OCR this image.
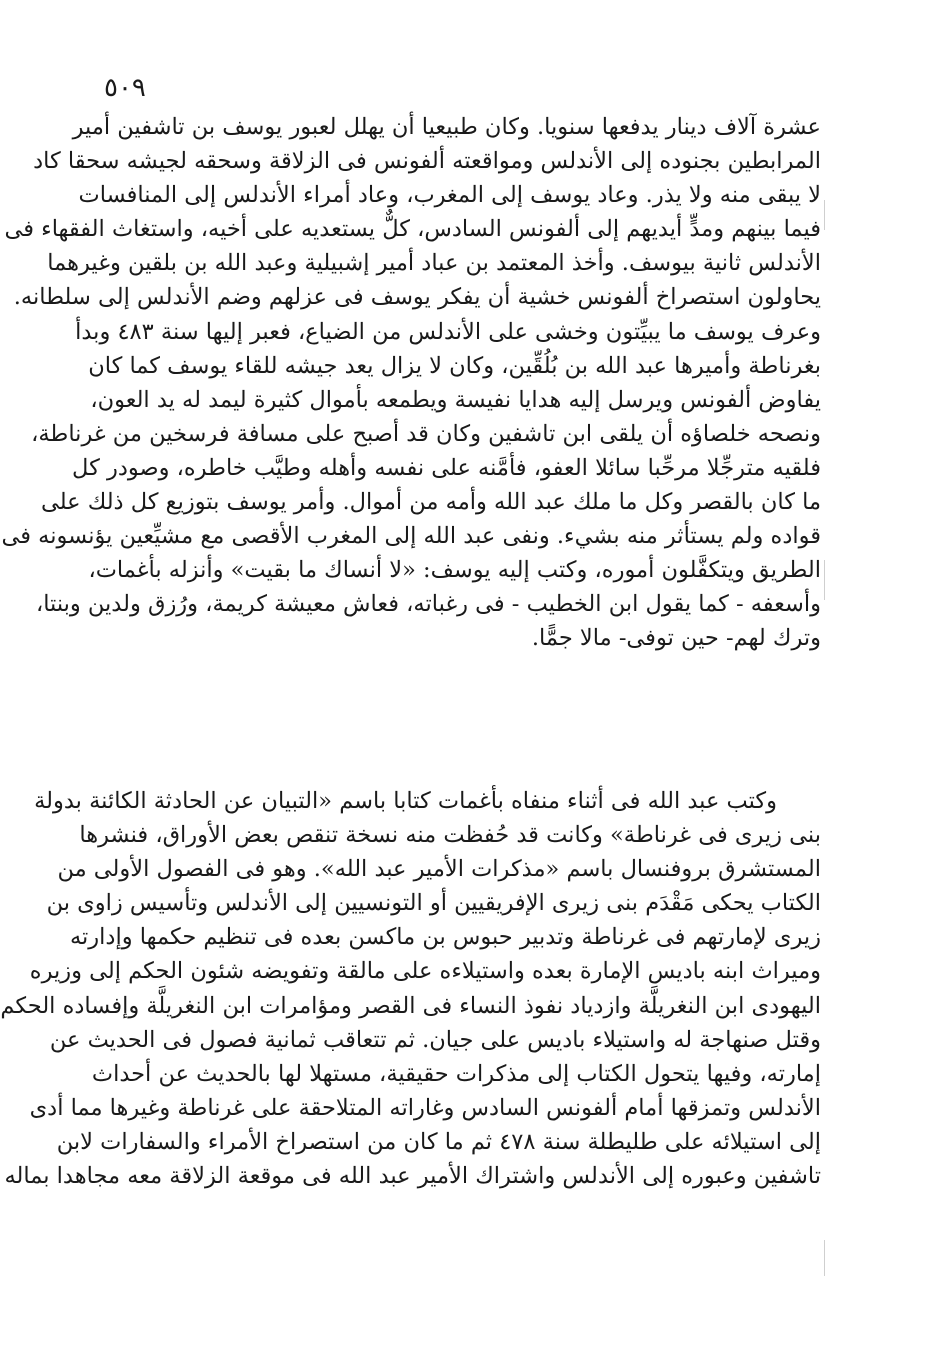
٥٠٩
عشرة آلاف دينار يدفعها سنويا. وكان طبيعيا أن يهلل لعبور يوسف بن تاشفين أمير
المرابطين بجنوده إلى الأندلس ومواقعته ألفونس فى الزلاقة وسحقه لجيشه سحقا كاد
لا يبقى منه ولا يذر. وعاد يوسف إلى المغرب، وعاد أمراء الأندلس إلى المنافسات
فيما بينهم ومدٍّ أيديهم إلى ألفونس السادس، كلٌّ يستعديه على أخيه، واستغاث الفقهاء فى
الأندلس ثانية بيوسف. وأخذ المعتمد بن عباد أمير إشبيلية وعبد الله بن بلقين وغيرهما
يحاولون استصراخ ألفونس خشية أن يفكر يوسف فى عزلهم وضم الأندلس إلى سلطانه.
وعرف يوسف ما يبيِّتون وخشى على الأندلس من الضياع، فعبر إليها سنة ٤٨٣ وبدأ
بغرناطة وأميرها عبد الله بن بُلُقِّين، وكان لا يزال يعد جيشه للقاء يوسف كما كان
يفاوض ألفونس ويرسل إليه هدايا نفيسة ويطمعه بأموال كثيرة ليمد له يد العون،
ونصحه خلصاؤه أن يلقى ابن تاشفين وكان قد أصبح على مسافة فرسخين من غرناطة،
فلقيه مترجِّلا مرحِّبا سائلا العفو، فأمَّنه على نفسه وأهله وطيَّب خاطره، وصودر كل
ما كان بالقصر وكل ما ملك عبد الله وأمه من أموال. وأمر يوسف بتوزيع كل ذلك على
قواده ولم يستأثر منه بشيء. ونفى عبد الله إلى المغرب الأقصى مع مشيِّعين يؤنسونه فى
الطريق ويتكفَّلون أموره، وكتب إليه يوسف: «لا أنساك ما بقيت» وأنزله بأغمات،
وأسعفه - كما يقول ابن الخطيب - فى رغباته، فعاش معيشة كريمة، ورُزق ولدين وبنتا،
وترك لهم- حين توفى- مالا جمًّا.
وكتب عبد الله فى أثناء منفاه بأغمات كتابا باسم «التبيان عن الحادثة الكائنة بدولة
بنى زيرى فى غرناطة» وكانت قد حُفظت منه نسخة تنقص بعض الأوراق، فنشرها
المستشرق بروفنسال باسم «مذكرات الأمير عبد الله». وهو فى الفصول الأولى من
الكتاب يحكى مَقْدَم بنى زيرى الإفريقيين أو التونسيين إلى الأندلس وتأسيس زاوى بن
زيرى لإمارتهم فى غرناطة وتدبير حبوس بن ماكسن بعده فى تنظيم حكمها وإدارته
وميراث ابنه باديس الإمارة بعده واستيلاءه على مالقة وتفويضه شئون الحكم إلى وزيره
اليهودى ابن النغريلَّة وازدياد نفوذ النساء فى القصر ومؤامرات ابن النغريلَّة وإفساده الحكم
وقتل صنهاجة له واستيلاء باديس على جيان. ثم تتعاقب ثمانية فصول فى الحديث عن
إمارته، وفيها يتحول الكتاب إلى مذكرات حقيقية، مستهلا لها بالحديث عن أحداث
الأندلس وتمزقها أمام ألفونس السادس وغاراته المتلاحقة على غرناطة وغيرها مما أدى
إلى استيلائه على طليطلة سنة ٤٧٨ ثم ما كان من استصراخ الأمراء والسفارات لابن
تاشفين وعبوره إلى الأندلس واشتراك الأمير عبد الله فى موقعة الزلاقة معه مجاهدا بماله
